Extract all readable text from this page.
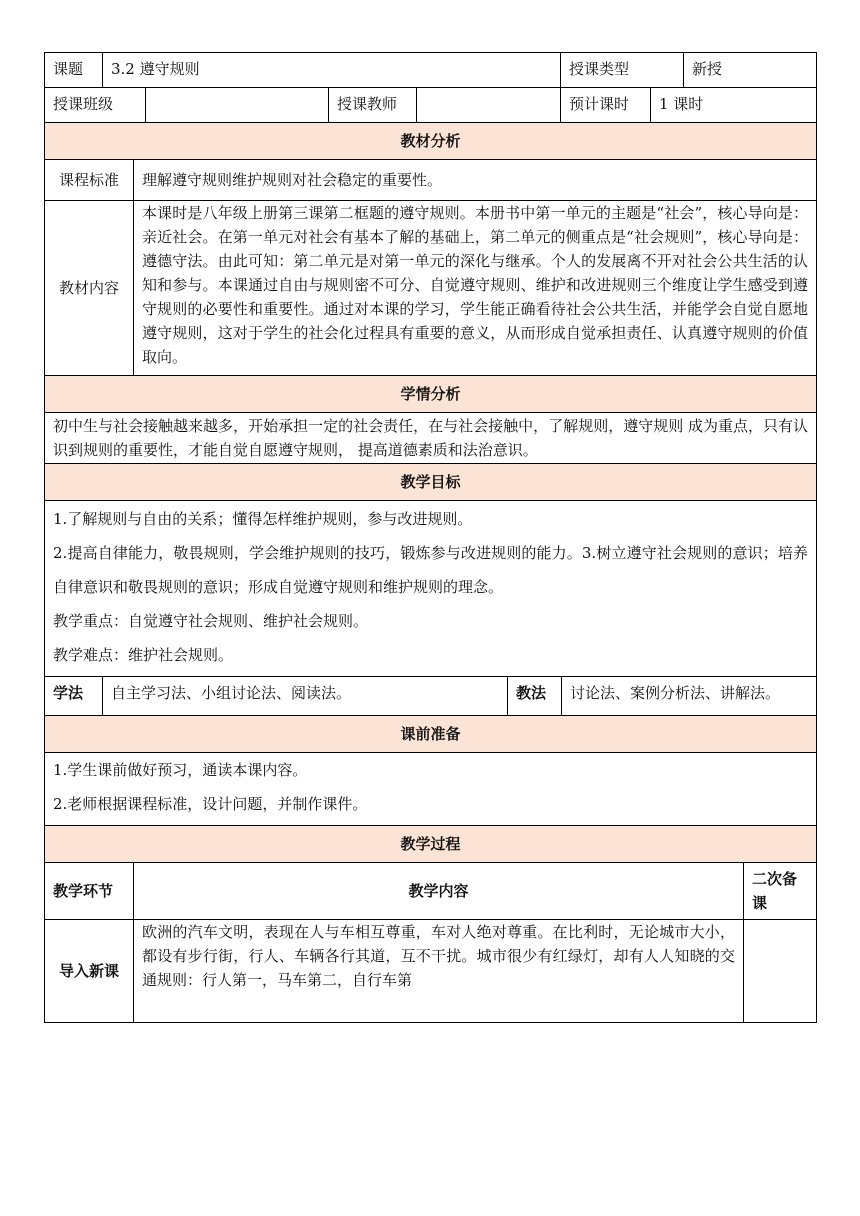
课题	3.2 遵守规则				授课类型		新授
授课班级			授课教师		预计课时	1 课时	
教材分析					
课程标准		理解遵守规则维护规则对社会稳定的重要性。			
教材内容		本课时是八年级上册第三课第二框题的遵守规则。本册书中第一单元的主题是“社会”，核心导向是：亲近社会。在第一单元对社会有基本了解的基础上，第二单元的侧重点是“社会规则”，核心导向是：遵德守法。由此可知：第二单元是对第一单元的深化与继承。个人的发展离不开对社会公共生活的认知和参与。本课通过自由与规则密不可分、自觉遵守规则、维护和改进规则三个维度让学生感受到遵守规则的必要性和重要性。通过对本课的学习，学生能正确看待社会公共生活，并能学会自觉自愿地遵守规则，这对于学生的社会化过程具有重要的意义，从而形成自觉承担责任、认真遵守规则的价值取向。			
学情分析					
初中生与社会接触越来越多，开始承担一定的社会责任，在与社会接触中，了解规则，遵守规则 成为重点，只有认识到规则的重要性，才能自觉自愿遵守规则， 提高道德素质和法治意识。					
教学目标					

1.了解规则与自由的关系；懂得怎样维护规则，参与改进规则。

2.提高自律能力，敬畏规则，学会维护规则的技巧，锻炼参与改进规则的能力。3.树立遵守社会规则的意识；培养自律意识和敬畏规则的意识；形成自觉遵守规则和维护规则的理念。

教学重点：自觉遵守社会规则、维护社会规则。

教学难点：维护社会规则。					

学法	自主学习法、小组讨论法、阅读法。		教法	讨论法、案例分析法、讲解法。	
课前准备					

1.学生课前做好预习，通读本课内容。

2.老师根据课程标准，设计问题，并制作课件。					

教学过程					
教学环节		教学内容			二次备课
导入新课		欧洲的汽车文明，表现在人与车相互尊重，车对人绝对尊重。在比利时，无论城市大小，都设有步行街，行人、车辆各行其道，互不干扰。城市很少有红绿灯，却有人人知晓的交通规则：行人第一，马车第二，自行车第			
